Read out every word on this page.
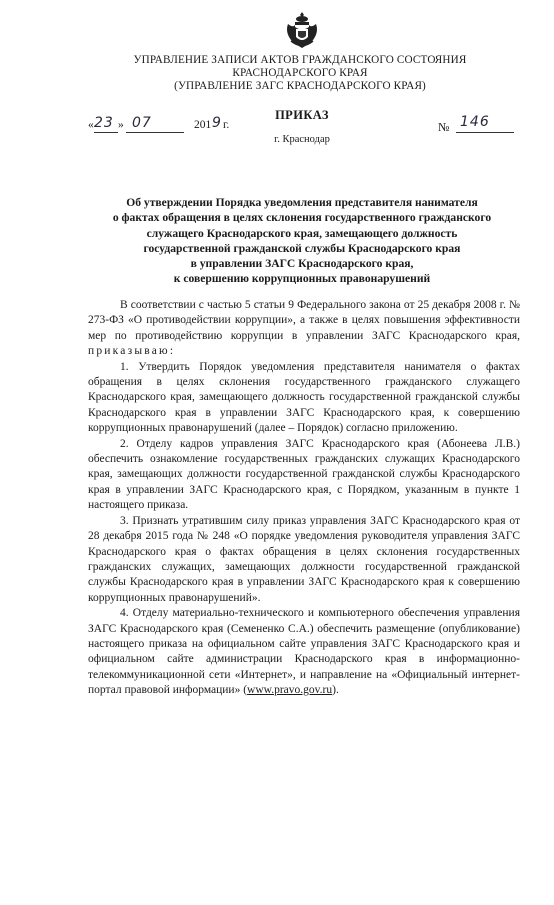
УПРАВЛЕНИЕ ЗАПИСИ АКТОВ ГРАЖДАНСКОГО СОСТОЯНИЯ
КРАСНОДАРСКОГО КРАЯ
(УПРАВЛЕНИЕ ЗАГС КРАСНОДАРСКОГО КРАЯ)
ПРИКАЗ
« 23 » 07	201 9 г.	№ 146
г. Краснодар
Об утверждении Порядка уведомления представителя нанимателя
о фактах обращения в целях склонения государственного гражданского
служащего Краснодарского края, замещающего должность
государственной гражданской службы Краснодарского края
в управлении ЗАГС Краснодарского края,
к совершению коррупционных правонарушений

В соответствии с частью 5 статьи 9 Федерального закона от 25 декабря 2008 г. № 273-ФЗ «О противодействии коррупции», а также в целях повышения эффективности мер по противодействию коррупции в управлении ЗАГС Краснодарского края, приказываю:

1. Утвердить Порядок уведомления представителя нанимателя о фактах обращения в целях склонения государственного гражданского служащего Краснодарского края, замещающего должность государственной гражданской службы Краснодарского края в управлении ЗАГС Краснодарского края, к совершению коррупционных правонарушений (далее – Порядок) согласно приложению.

2. Отделу кадров управления ЗАГС Краснодарского края (Абонеева Л.В.) обеспечить ознакомление государственных гражданских служащих Краснодарского края, замещающих должности государственной гражданской службы Краснодарского края в управлении ЗАГС Краснодарского края, с Порядком, указанным в пункте 1 настоящего приказа.

3. Признать утратившим силу приказ управления ЗАГС Краснодарского края от 28 декабря 2015 года № 248 «О порядке уведомления руководителя управления ЗАГС Краснодарского края о фактах обращения в целях склонения государственных гражданских служащих, замещающих должности государственной гражданской службы Краснодарского края в управлении ЗАГС Краснодарского края к совершению коррупционных правонарушений».

4. Отделу материально-технического и компьютерного обеспечения управления ЗАГС Краснодарского края (Семененко С.А.) обеспечить размещение (опубликование) настоящего приказа на официальном сайте управления ЗАГС Краснодарского края и официальном сайте администрации Краснодарского края в информационно-телекоммуникационной сети «Интернет», и направление на «Официальный интернет-портал правовой информации» (www.pravo.gov.ru).
